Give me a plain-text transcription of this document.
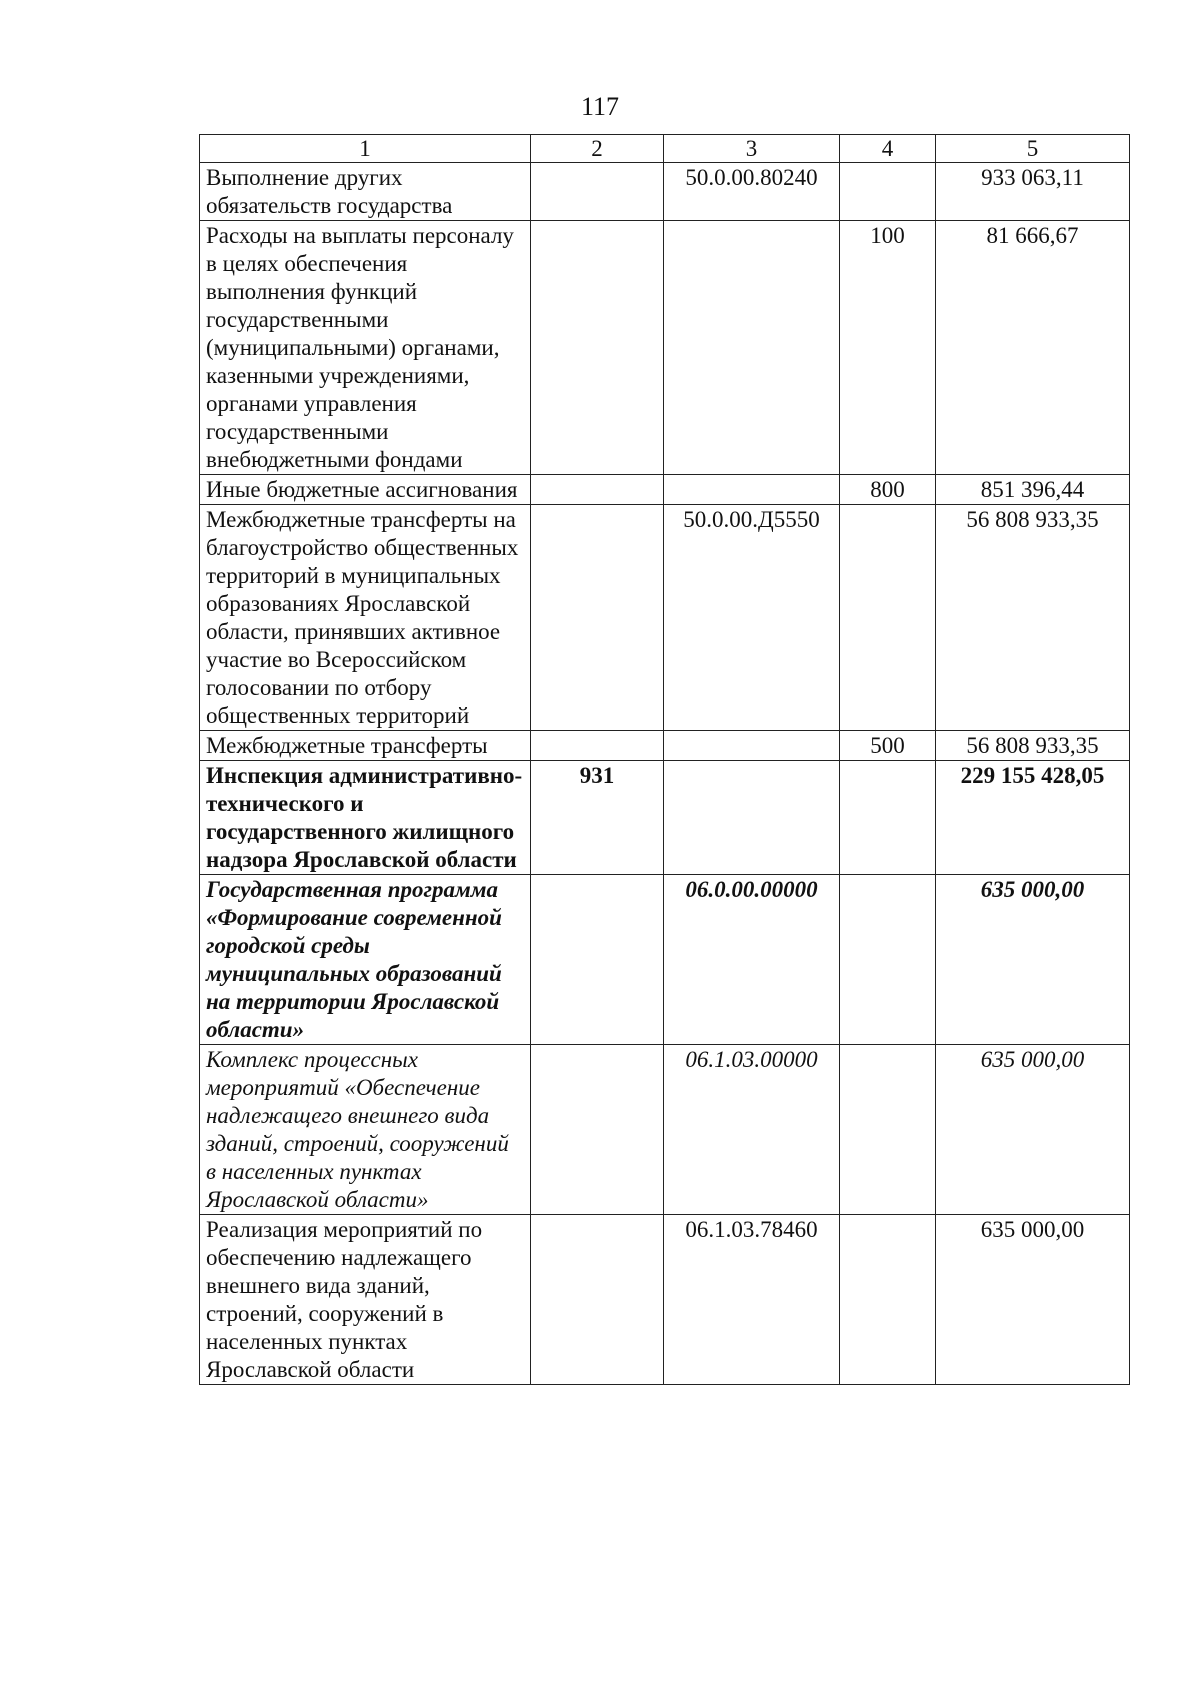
117
1	2	3	4	5
Выполнение других обязательств государства		50.0.00.80240		933 063,11
Расходы на выплаты персоналу в целях обеспечения выполнения функций государственными (муниципальными) органами, казенными учреждениями, органами управления государственными внебюджетными фондами			100	81 666,67
Иные бюджетные ассигнования			800	851 396,44
Межбюджетные трансферты на благоустройство общественных территорий в муниципальных образованиях Ярославской области, принявших активное участие во Всероссийском голосовании по отбору общественных территорий		50.0.00.Д5550		56 808 933,35
Межбюджетные трансферты			500	56 808 933,35
Инспекция административно-технического и государственного жилищного надзора Ярославской области	931			229 155 428,05
Государственная программа «Формирование современной городской среды муниципальных образований на территории Ярославской области»		06.0.00.00000		635 000,00
Комплекс процессных мероприятий «Обеспечение надлежащего внешнего вида зданий, строений, сооружений в населенных пунктах Ярославской области»		06.1.03.00000		635 000,00
Реализация мероприятий по обеспечению надлежащего внешнего вида зданий, строений, сооружений в населенных пунктах Ярославской области		06.1.03.78460		635 000,00
